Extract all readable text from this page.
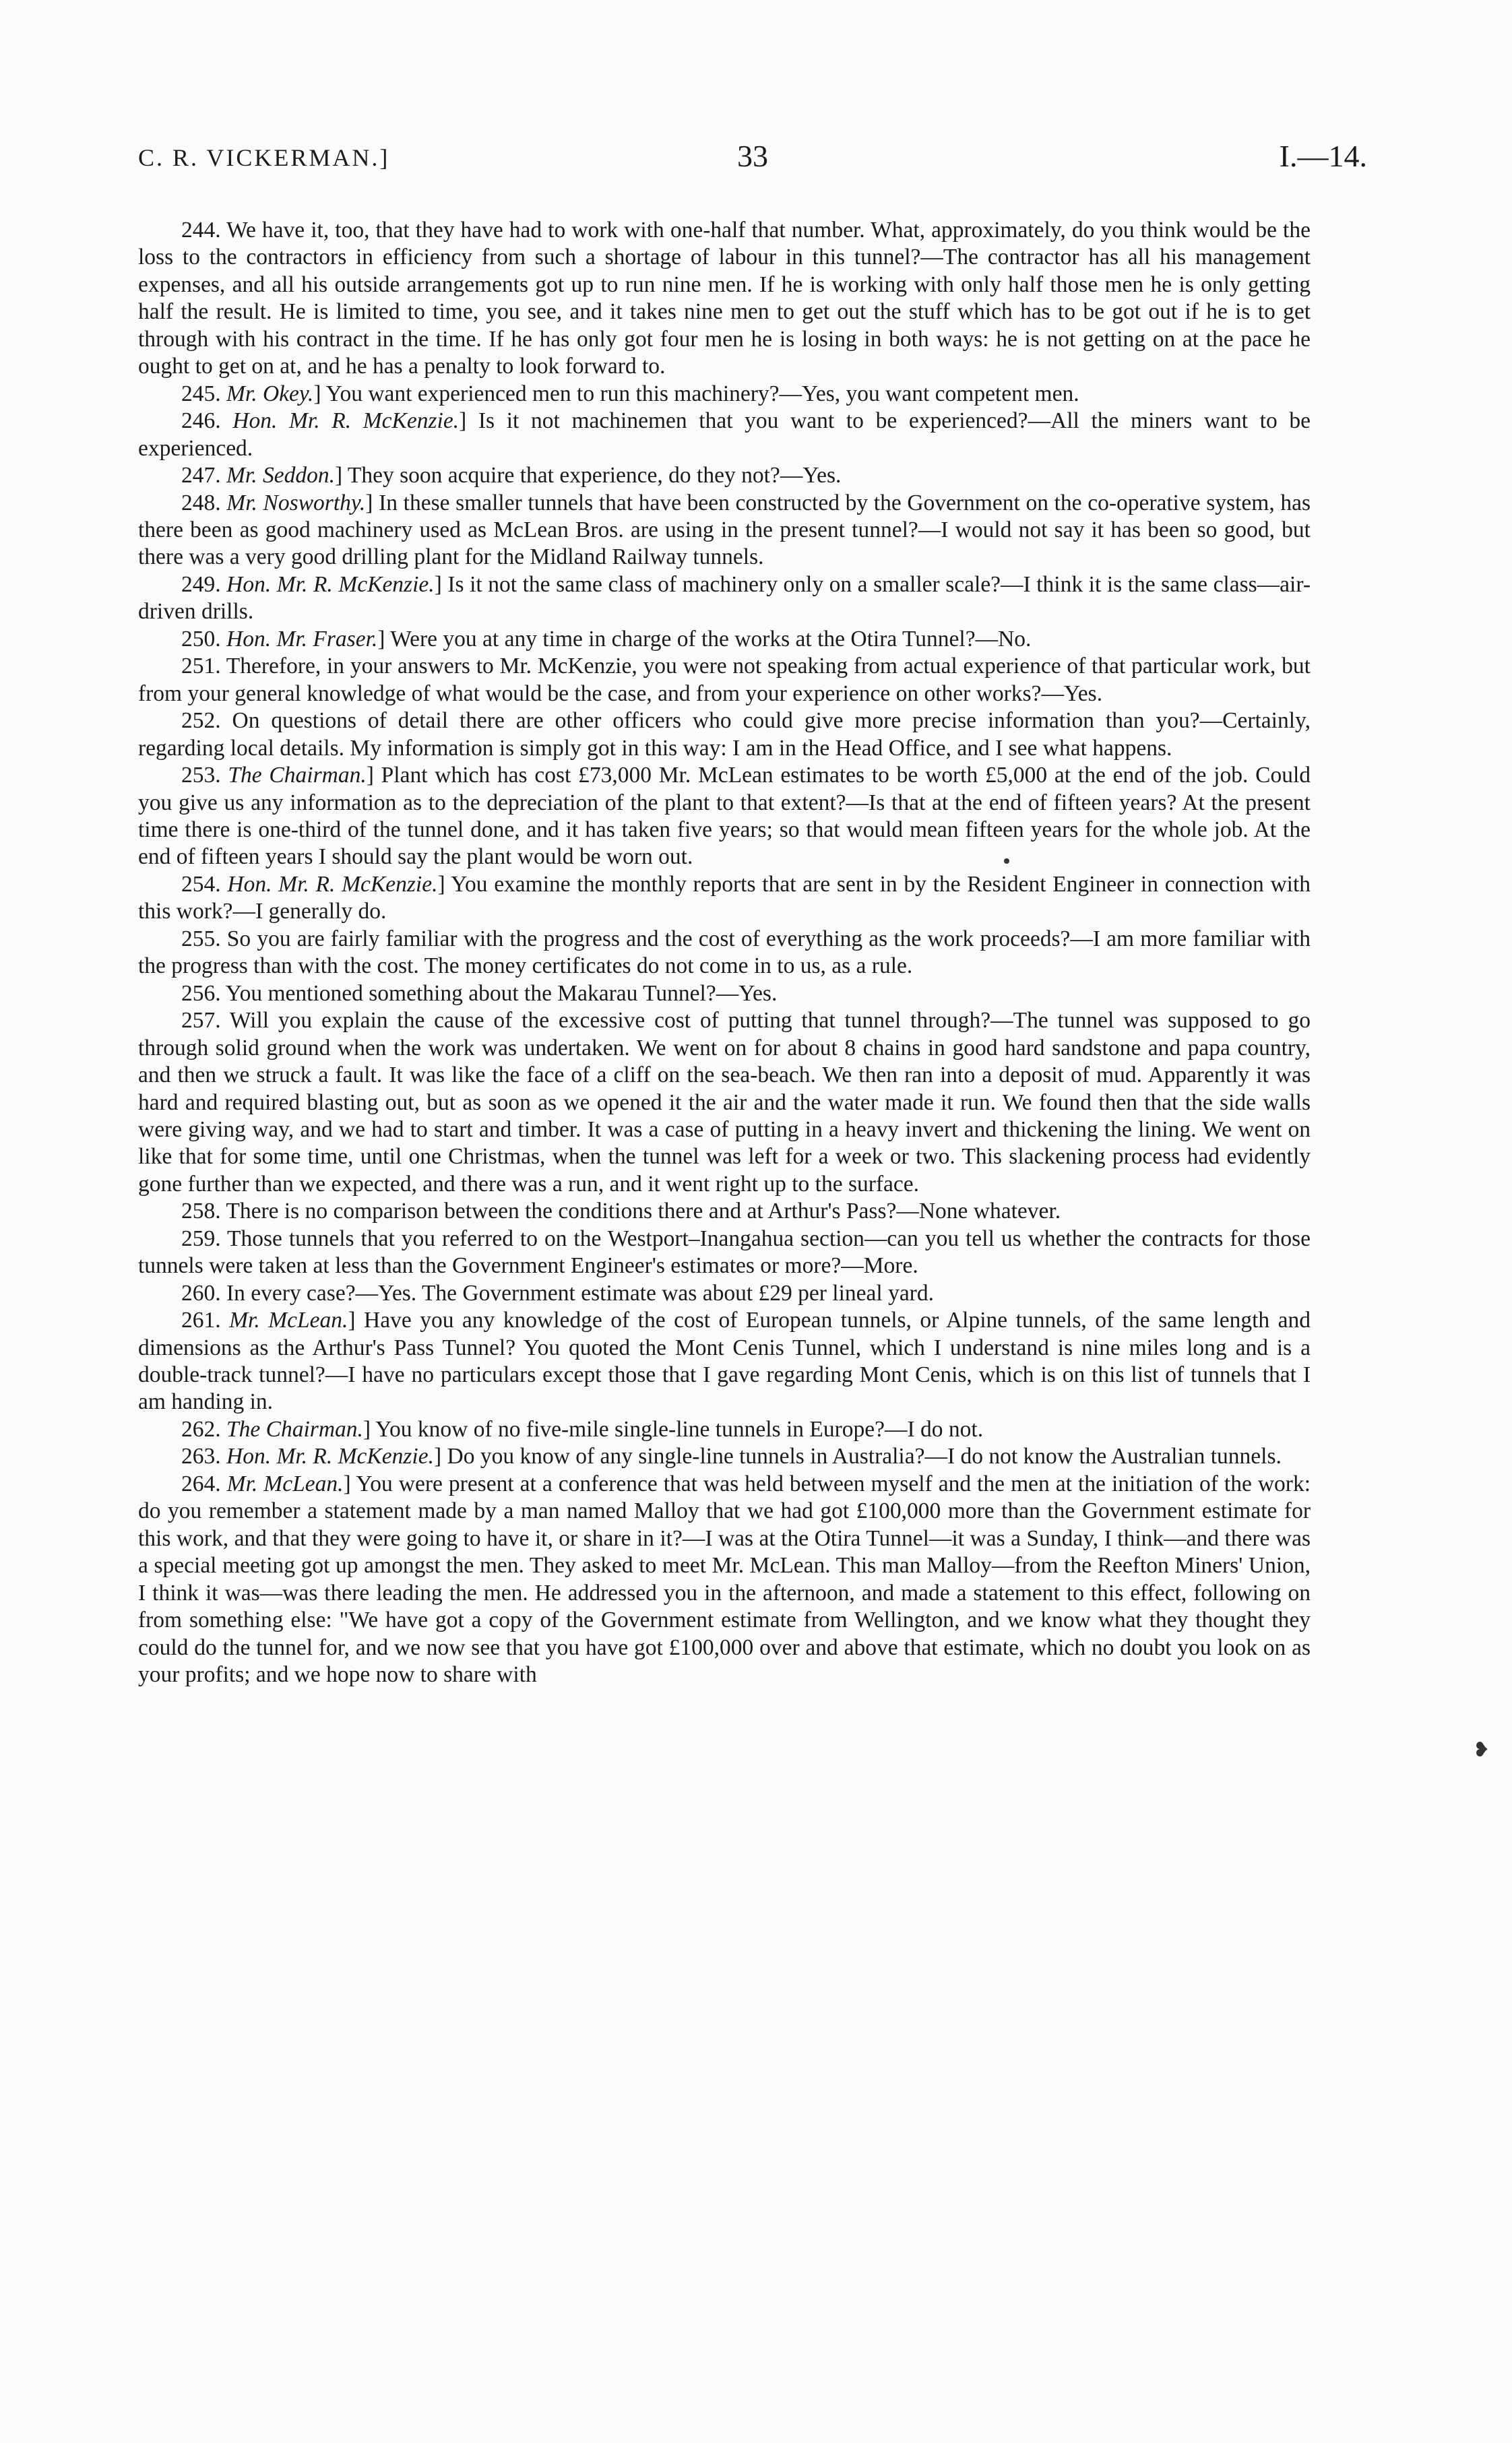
C. R. VICKERMAN.]	33	I.—14.

244. We have it, too, that they have had to work with one-half that number. What, approximately, do you think would be the loss to the contractors in efficiency from such a shortage of labour in this tunnel?—The contractor has all his management expenses, and all his outside arrangements got up to run nine men. If he is working with only half those men he is only getting half the result. He is limited to time, you see, and it takes nine men to get out the stuff which has to be got out if he is to get through with his contract in the time. If he has only got four men he is losing in both ways: he is not getting on at the pace he ought to get on at, and he has a penalty to look forward to.

245. Mr. Okey.] You want experienced men to run this machinery?—Yes, you want competent men.

246. Hon. Mr. R. McKenzie.] Is it not machinemen that you want to be experienced?—All the miners want to be experienced.

247. Mr. Seddon.] They soon acquire that experience, do they not?—Yes.

248. Mr. Nosworthy.] In these smaller tunnels that have been constructed by the Government on the co-operative system, has there been as good machinery used as McLean Bros. are using in the present tunnel?—I would not say it has been so good, but there was a very good drilling plant for the Midland Railway tunnels.

249. Hon. Mr. R. McKenzie.] Is it not the same class of machinery only on a smaller scale?—I think it is the same class—air-driven drills.

250. Hon. Mr. Fraser.] Were you at any time in charge of the works at the Otira Tunnel?—No.

251. Therefore, in your answers to Mr. McKenzie, you were not speaking from actual experience of that particular work, but from your general knowledge of what would be the case, and from your experience on other works?—Yes.

252. On questions of detail there are other officers who could give more precise information than you?—Certainly, regarding local details. My information is simply got in this way: I am in the Head Office, and I see what happens.

253. The Chairman.] Plant which has cost £73,000 Mr. McLean estimates to be worth £5,000 at the end of the job. Could you give us any information as to the depreciation of the plant to that extent?—Is that at the end of fifteen years? At the present time there is one-third of the tunnel done, and it has taken five years; so that would mean fifteen years for the whole job. At the end of fifteen years I should say the plant would be worn out.

254. Hon. Mr. R. McKenzie.] You examine the monthly reports that are sent in by the Resident Engineer in connection with this work?—I generally do.

255. So you are fairly familiar with the progress and the cost of everything as the work proceeds?—I am more familiar with the progress than with the cost. The money certificates do not come in to us, as a rule.

256. You mentioned something about the Makarau Tunnel?—Yes.

257. Will you explain the cause of the excessive cost of putting that tunnel through?—The tunnel was supposed to go through solid ground when the work was undertaken. We went on for about 8 chains in good hard sandstone and papa country, and then we struck a fault. It was like the face of a cliff on the sea-beach. We then ran into a deposit of mud. Apparently it was hard and required blasting out, but as soon as we opened it the air and the water made it run. We found then that the side walls were giving way, and we had to start and timber. It was a case of putting in a heavy invert and thickening the lining. We went on like that for some time, until one Christmas, when the tunnel was left for a week or two. This slackening process had evidently gone further than we expected, and there was a run, and it went right up to the surface.

258. There is no comparison between the conditions there and at Arthur's Pass?—None whatever.

259. Those tunnels that you referred to on the Westport–Inangahua section—can you tell us whether the contracts for those tunnels were taken at less than the Government Engineer's estimates or more?—More.

260. In every case?—Yes. The Government estimate was about £29 per lineal yard.

261. Mr. McLean.] Have you any knowledge of the cost of European tunnels, or Alpine tunnels, of the same length and dimensions as the Arthur's Pass Tunnel? You quoted the Mont Cenis Tunnel, which I understand is nine miles long and is a double-track tunnel?—I have no particulars except those that I gave regarding Mont Cenis, which is on this list of tunnels that I am handing in.

262. The Chairman.] You know of no five-mile single-line tunnels in Europe?—I do not.

263. Hon. Mr. R. McKenzie.] Do you know of any single-line tunnels in Australia?—I do not know the Australian tunnels.

264. Mr. McLean.] You were present at a conference that was held between myself and the men at the initiation of the work: do you remember a statement made by a man named Malloy that we had got £100,000 more than the Government estimate for this work, and that they were going to have it, or share in it?—I was at the Otira Tunnel—it was a Sunday, I think—and there was a special meeting got up amongst the men. They asked to meet Mr. McLean. This man Malloy—from the Reefton Miners' Union, I think it was—was there leading the men. He addressed you in the afternoon, and made a statement to this effect, following on from something else: "We have got a copy of the Government estimate from Wellington, and we know what they thought they could do the tunnel for, and we now see that you have got £100,000 over and above that estimate, which no doubt you look on as your profits; and we hope now to share with

❥
